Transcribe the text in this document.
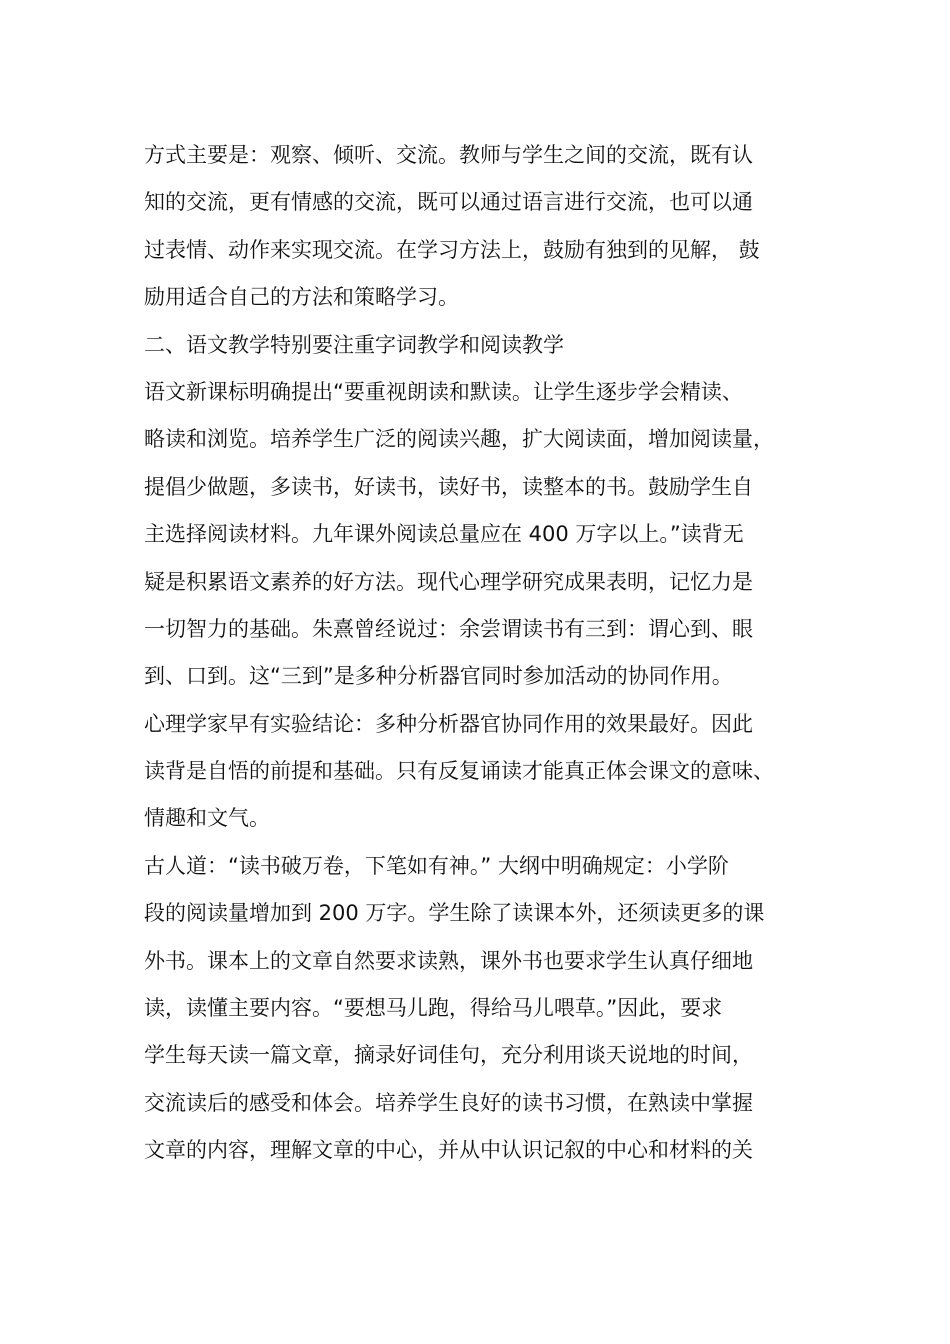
方式主要是：观察、倾听、交流。教师与学生之间的交流，既有认
知的交流，更有情感的交流，既可以通过语言进行交流，也可以通
过表情、动作来实现交流。在学习方法上，鼓励有独到的见解， 鼓
励用适合自己的方法和策略学习。
二、语文教学特别要注重字词教学和阅读教学
语文新课标明确提出“要重视朗读和默读。让学生逐步学会精读、
略读和浏览。培养学生广泛的阅读兴趣，扩大阅读面，增加阅读量，
提倡少做题，多读书，好读书，读好书，读整本的书。鼓励学生自
主选择阅读材料。九年课外阅读总量应在 400 万字以上。”读背无
疑是积累语文素养的好方法。现代心理学研究成果表明，记忆力是
一切智力的基础。朱熹曾经说过：余尝谓读书有三到：谓心到、眼
到、口到。这“三到”是多种分析器官同时参加活动的协同作用。
心理学家早有实验结论：多种分析器官协同作用的效果最好。因此
读背是自悟的前提和基础。只有反复诵读才能真正体会课文的意味、
情趣和文气。
古人道：“读书破万卷，下笔如有神。” 大纲中明确规定：小学阶
段的阅读量增加到 200 万字。学生除了读课本外，还须读更多的课
外书。课本上的文章自然要求读熟，课外书也要求学生认真仔细地
读，读懂主要内容。“要想马儿跑，得给马儿喂草。”因此，要求
学生每天读一篇文章，摘录好词佳句，充分利用谈天说地的时间，
交流读后的感受和体会。培养学生良好的读书习惯，在熟读中掌握
文章的内容，理解文章的中心，并从中认识记叙的中心和材料的关
